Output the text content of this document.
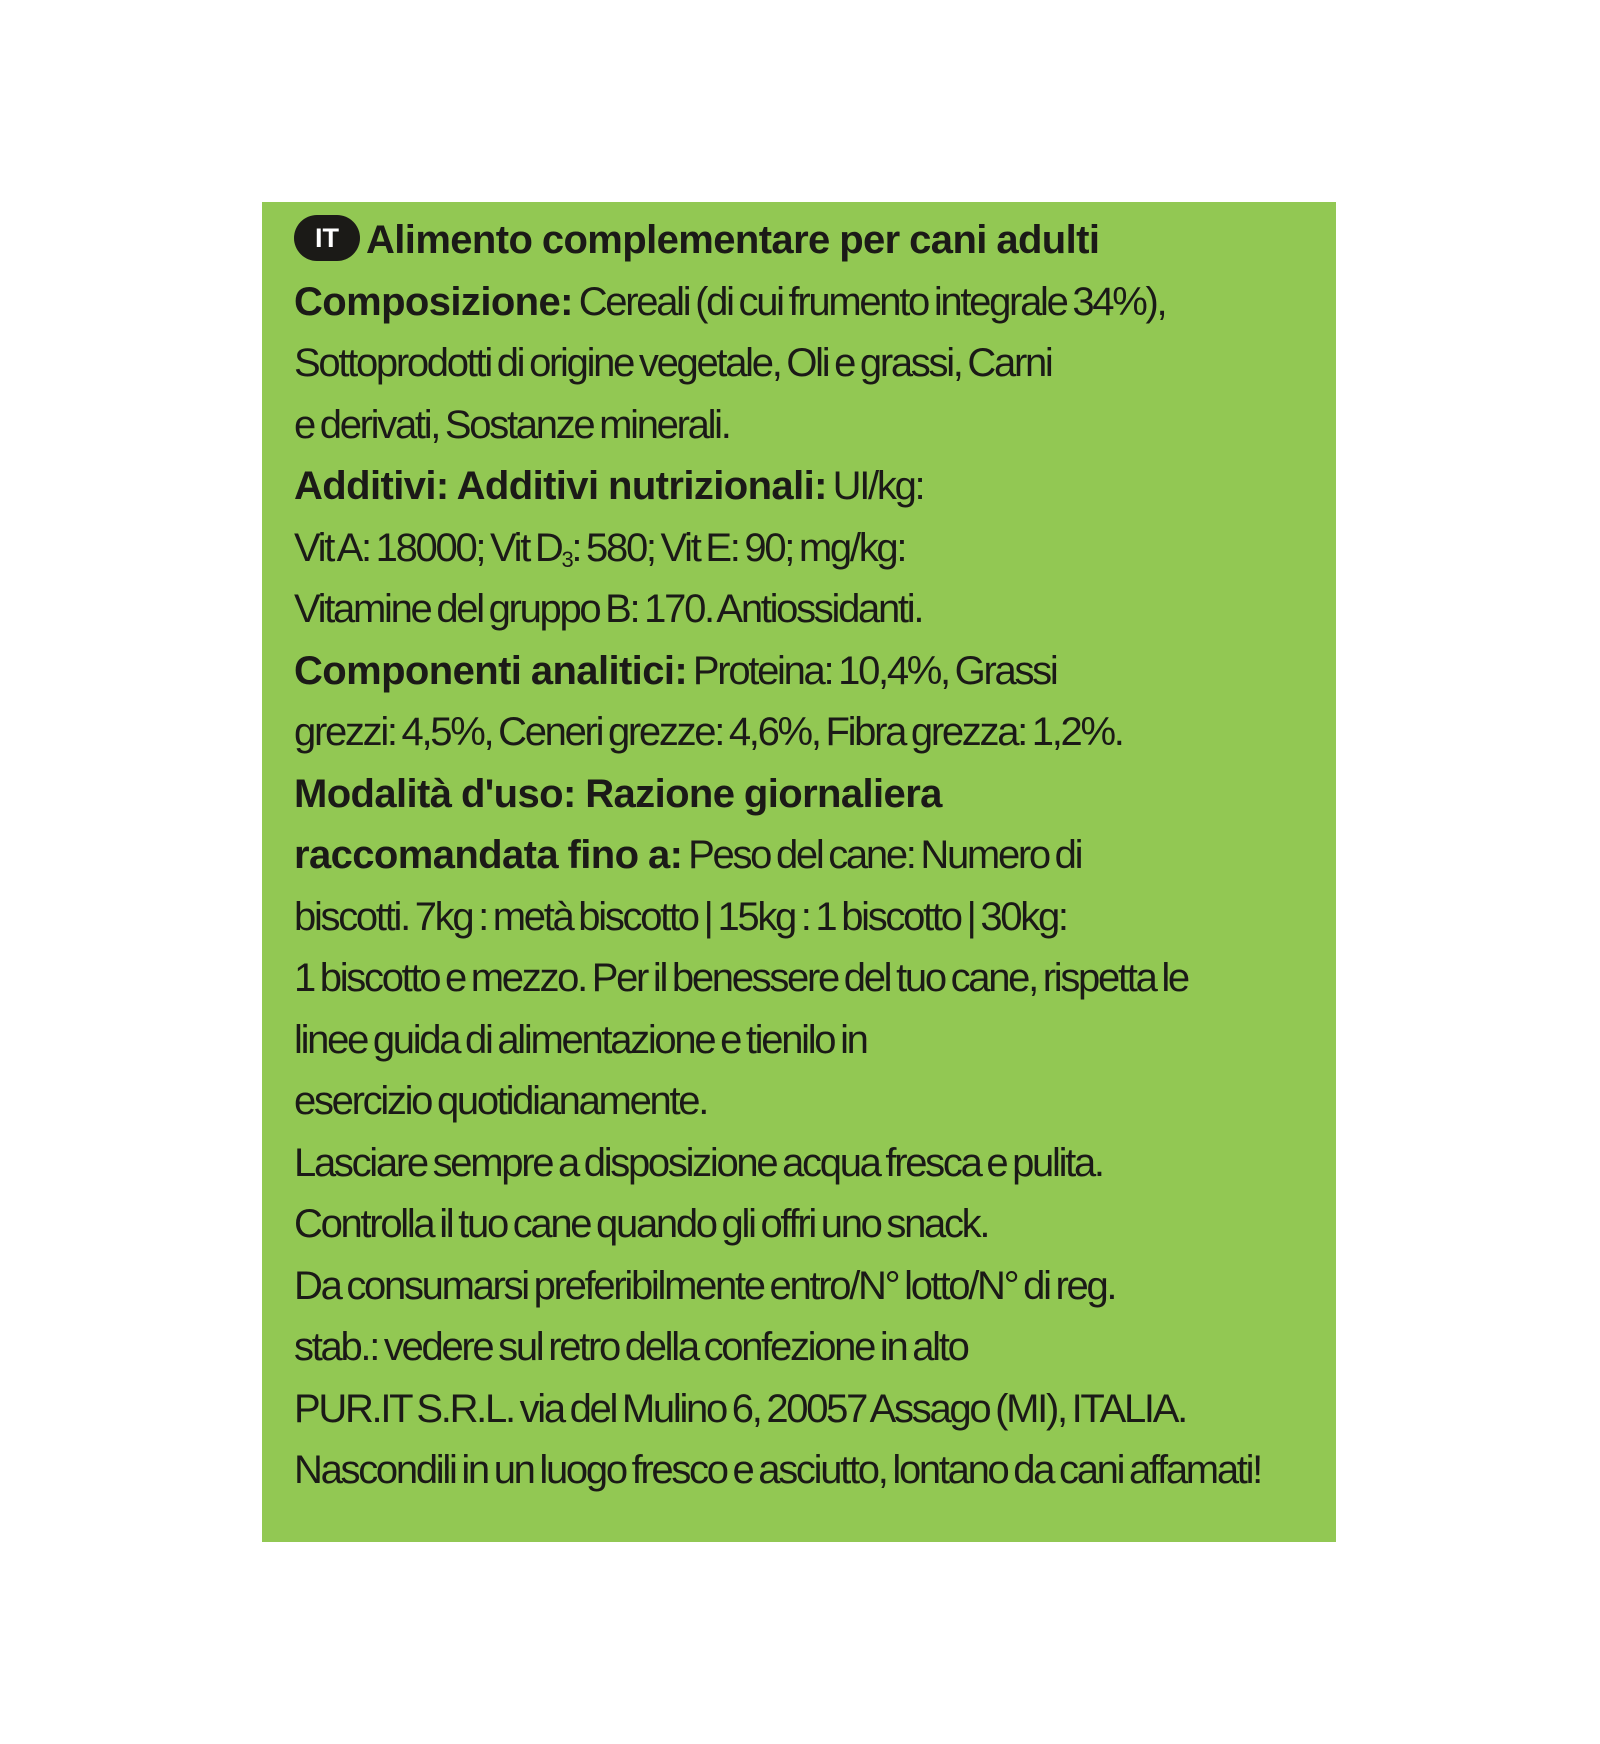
IT Alimento complementare per cani adulti
Composizione: Cereali (di cui frumento integrale 34%),
Sottoprodotti di origine vegetale, Oli e grassi, Carni
e derivati, Sostanze minerali.
Additivi: Additivi nutrizionali: UI/kg:
Vit A: 18000; Vit $D_3$: 580; Vit E: 90; mg/kg:
Vitamine del gruppo B: 170. Antiossidanti.
Componenti analitici: Proteina: 10,4%, Grassi
grezzi: 4,5%, Ceneri grezze: 4,6%, Fibra grezza: 1,2%.
Modalità d'uso: Razione giornaliera
raccomandata fino a: Peso del cane: Numero di
biscotti. 7kg : metà biscotto | 15kg : 1 biscotto | 30kg:
1 biscotto e mezzo. Per il benessere del tuo cane, rispetta le
linee guida di alimentazione e tienilo in
esercizio quotidianamente.
Lasciare sempre a disposizione acqua fresca e pulita.
Controlla il tuo cane quando gli offri uno snack.
Da consumarsi preferibilmente entro/N° lotto/N° di reg.
stab.: vedere sul retro della confezione in alto
PUR.IT S.R.L. via del Mulino 6, 20057 Assago (MI), ITALIA.
Nascondili in un luogo fresco e asciutto, lontano da cani affamati!
